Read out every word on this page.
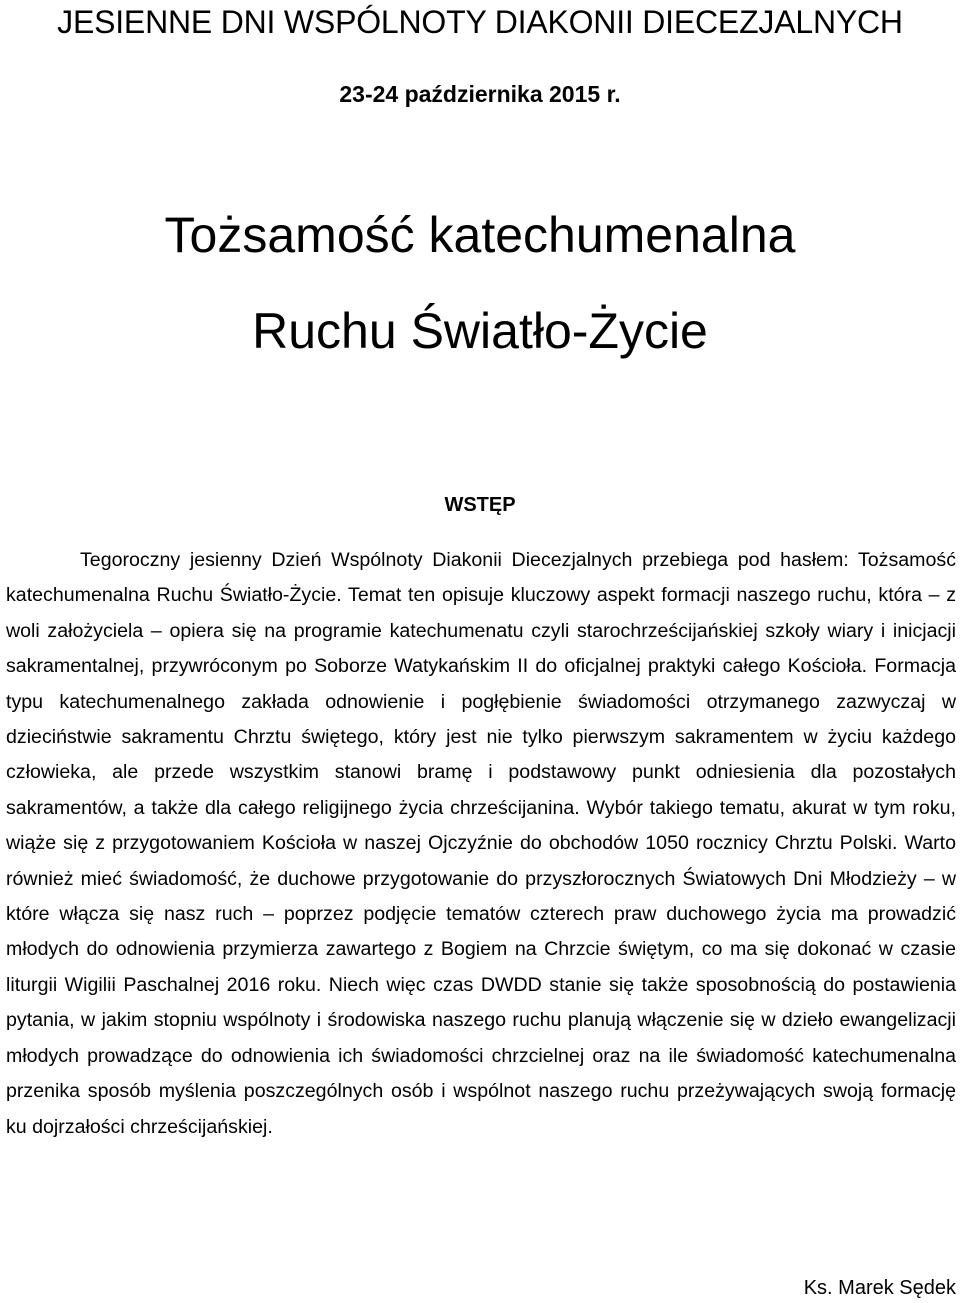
JESIENNE DNI WSPÓLNOTY DIAKONII DIECEZJALNYCH

23-24 października 2015 r.

Tożsamość katechumenalna
Ruchu Światło-Życie
WSTĘP

Tegoroczny jesienny Dzień Wspólnoty Diakonii Diecezjalnych przebiega pod hasłem: Tożsamość katechumenalna Ruchu Światło-Życie. Temat ten opisuje kluczowy aspekt formacji naszego ruchu, która – z woli założyciela – opiera się na programie katechumenatu czyli starochrześcijańskiej szkoły wiary i inicjacji sakramentalnej, przywróconym po Soborze Watykańskim II do oficjalnej praktyki całego Kościoła. Formacja typu katechumenalnego zakłada odnowienie i pogłębienie świadomości otrzymanego zazwyczaj w dzieciństwie sakramentu Chrztu świętego, który jest nie tylko pierwszym sakramentem w życiu każdego człowieka, ale przede wszystkim stanowi bramę i podstawowy punkt odniesienia dla pozostałych sakramentów, a także dla całego religijnego życia chrześcijanina. Wybór takiego tematu, akurat w tym roku, wiąże się z przygotowaniem Kościoła w naszej Ojczyźnie do obchodów 1050 rocznicy Chrztu Polski. Warto również mieć świadomość, że duchowe przygotowanie do przyszłorocznych Światowych Dni Młodzieży – w które włącza się nasz ruch – poprzez podjęcie tematów czterech praw duchowego życia ma prowadzić młodych do odnowienia przymierza zawartego z Bogiem na Chrzcie świętym, co ma się dokonać w czasie liturgii Wigilii Paschalnej 2016 roku. Niech więc czas DWDD stanie się także sposobnością do postawienia pytania, w jakim stopniu wspólnoty i środowiska naszego ruchu planują włączenie się w dzieło ewangelizacji młodych prowadzące do odnowienia ich świadomości chrzcielnej oraz na ile świadomość katechumenalna przenika sposób myślenia poszczególnych osób i wspólnot naszego ruchu przeżywających swoją formację ku dojrzałości chrześcijańskiej.

Ks. Marek Sędek
